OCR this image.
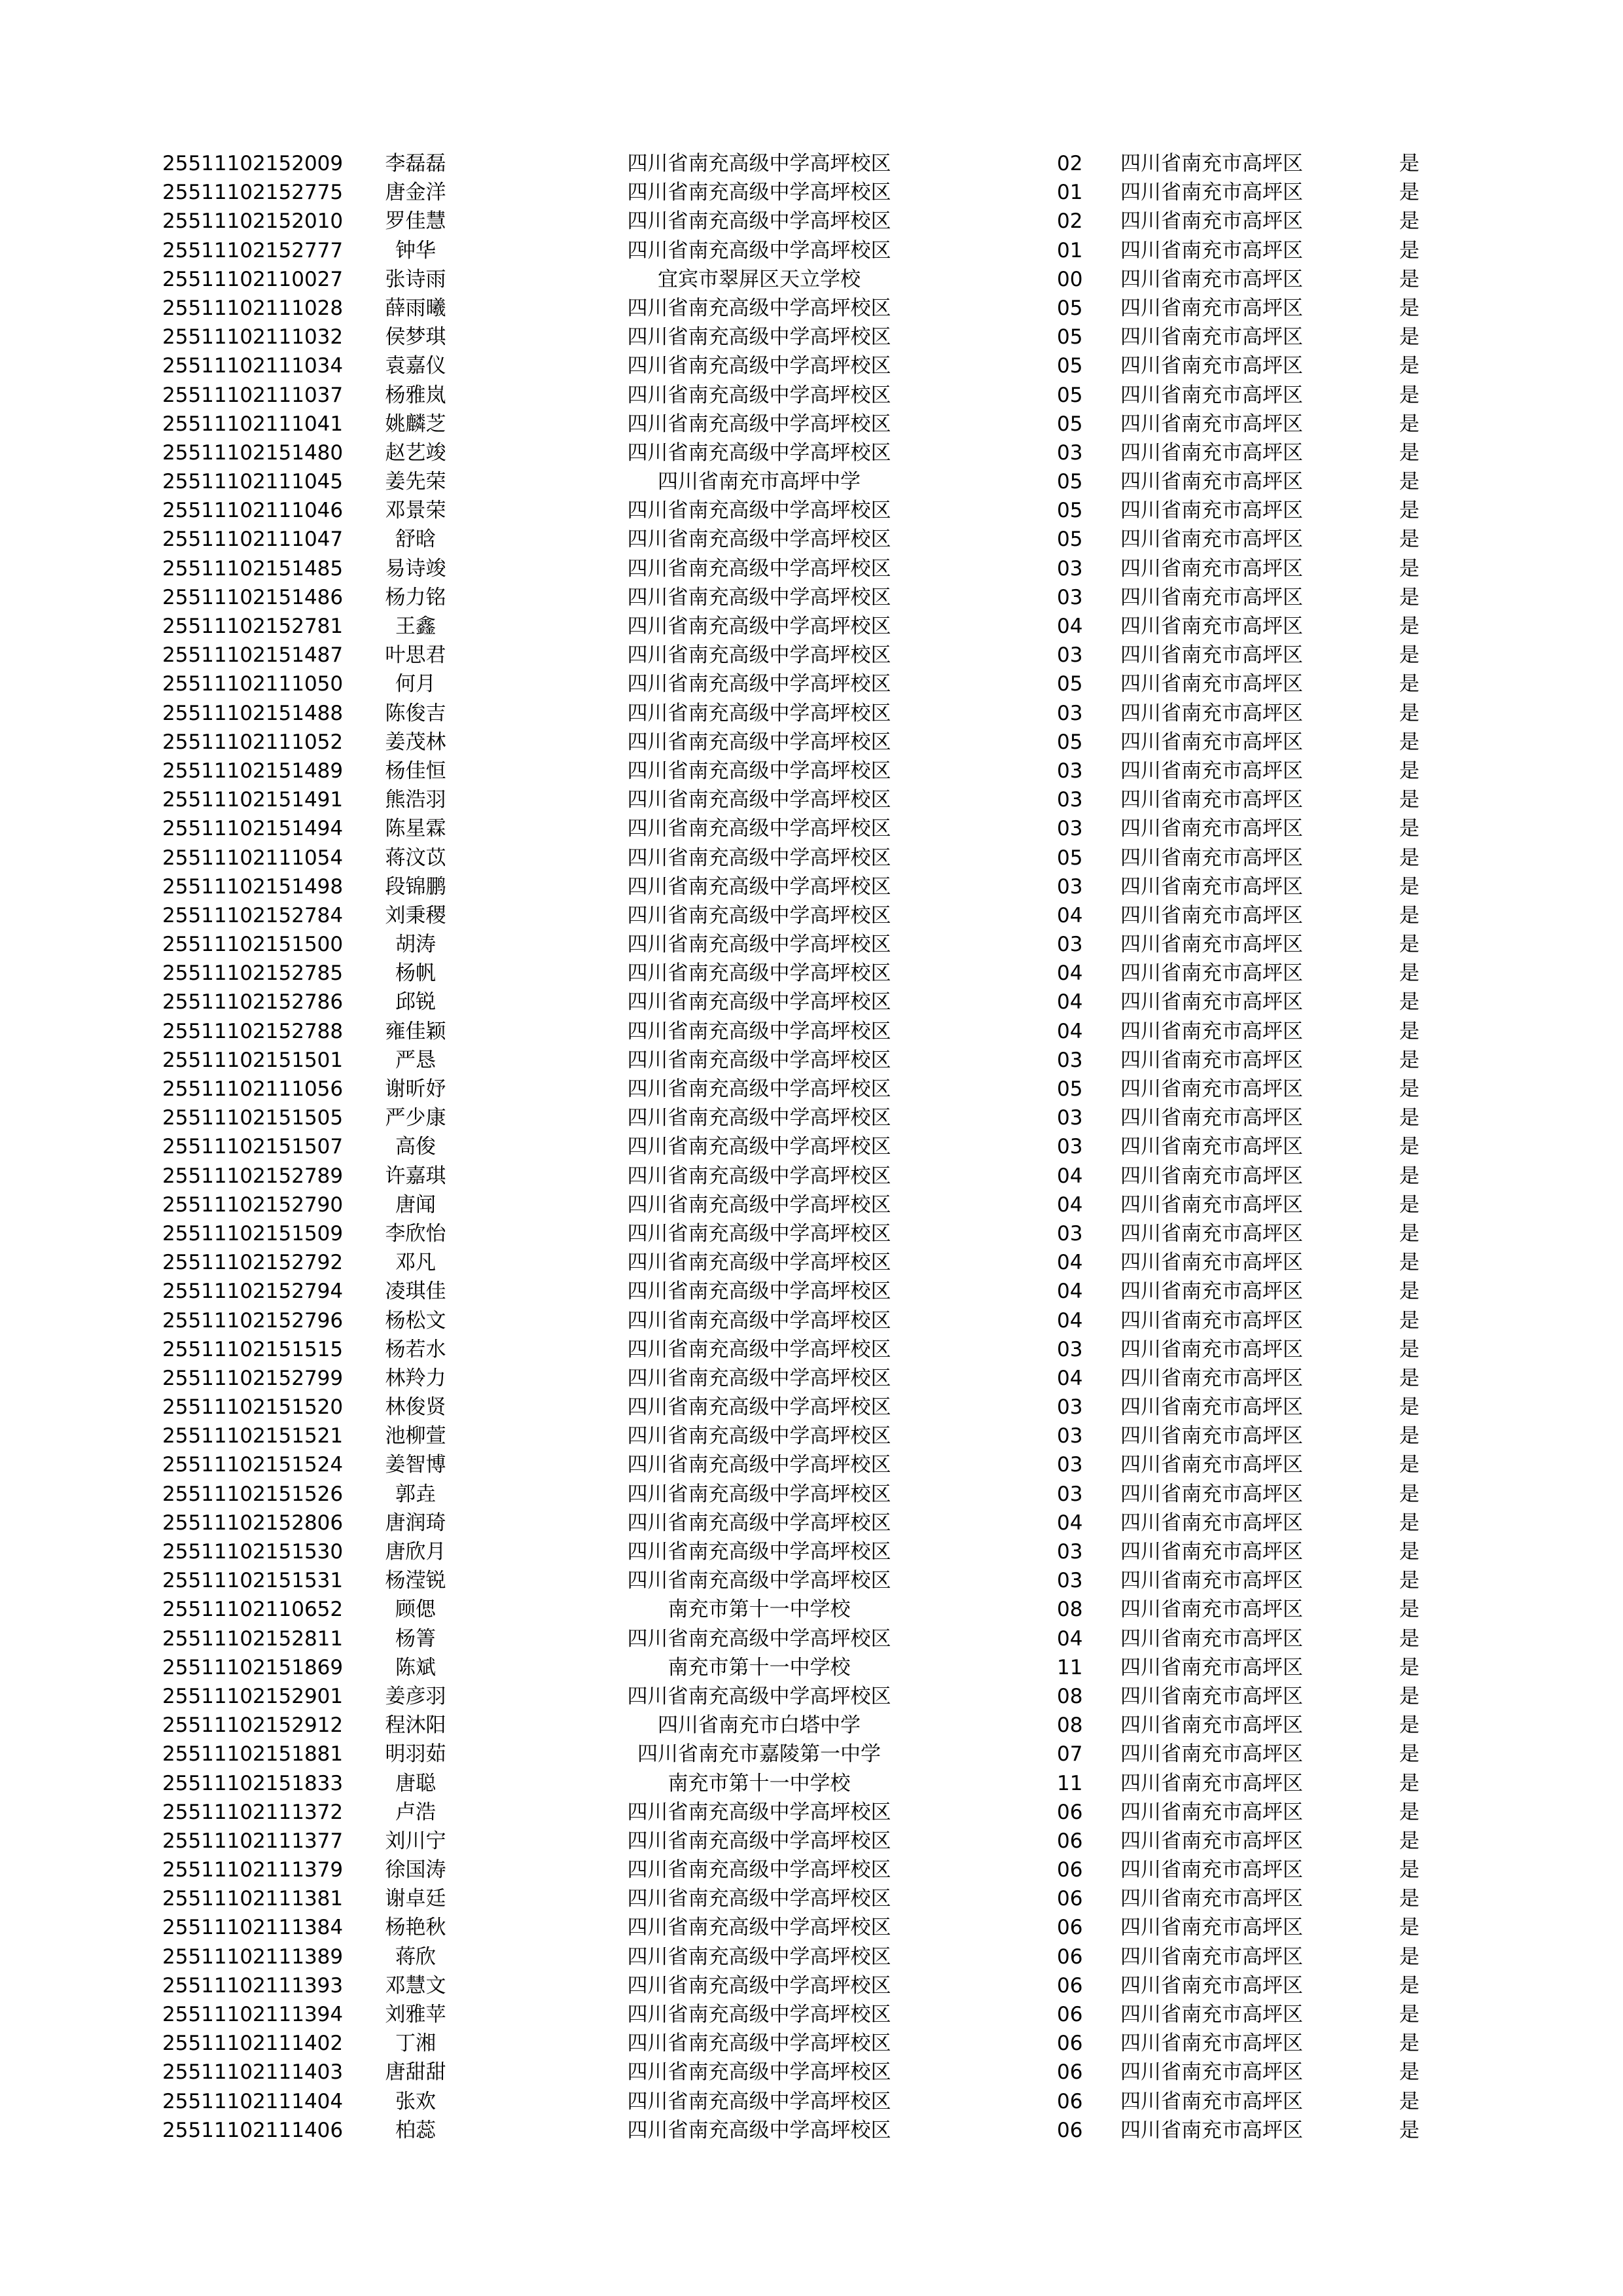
25511102152009	李磊磊	四川省南充高级中学高坪校区	02 四川省南充市高坪区	是
25511102152775	唐金洋	四川省南充高级中学高坪校区	01 四川省南充市高坪区	是
25511102152010	罗佳慧	四川省南充高级中学高坪校区	02 四川省南充市高坪区	是
25511102152777	钟华	四川省南充高级中学高坪校区	01 四川省南充市高坪区	是
25511102110027	张诗雨	宜宾市翠屏区天立学校	00 四川省南充市高坪区	是
25511102111028	薛雨曦	四川省南充高级中学高坪校区	05 四川省南充市高坪区	是
25511102111032	侯梦琪	四川省南充高级中学高坪校区	05 四川省南充市高坪区	是
25511102111034	袁嘉仪	四川省南充高级中学高坪校区	05 四川省南充市高坪区	是
25511102111037	杨雅岚	四川省南充高级中学高坪校区	05 四川省南充市高坪区	是
25511102111041	姚麟芝	四川省南充高级中学高坪校区	05 四川省南充市高坪区	是
25511102151480	赵艺竣	四川省南充高级中学高坪校区	03 四川省南充市高坪区	是
25511102111045	姜先荣	四川省南充市高坪中学	05 四川省南充市高坪区	是
25511102111046	邓景荣	四川省南充高级中学高坪校区	05 四川省南充市高坪区	是
25511102111047	舒晗	四川省南充高级中学高坪校区	05 四川省南充市高坪区	是
25511102151485	易诗竣	四川省南充高级中学高坪校区	03 四川省南充市高坪区	是
25511102151486	杨力铭	四川省南充高级中学高坪校区	03 四川省南充市高坪区	是
25511102152781	王鑫	四川省南充高级中学高坪校区	04 四川省南充市高坪区	是
25511102151487	叶思君	四川省南充高级中学高坪校区	03 四川省南充市高坪区	是
25511102111050	何月	四川省南充高级中学高坪校区	05 四川省南充市高坪区	是
25511102151488	陈俊吉	四川省南充高级中学高坪校区	03 四川省南充市高坪区	是
25511102111052	姜茂林	四川省南充高级中学高坪校区	05 四川省南充市高坪区	是
25511102151489	杨佳恒	四川省南充高级中学高坪校区	03 四川省南充市高坪区	是
25511102151491	熊浩羽	四川省南充高级中学高坪校区	03 四川省南充市高坪区	是
25511102151494	陈星霖	四川省南充高级中学高坪校区	03 四川省南充市高坪区	是
25511102111054	蒋汶苡	四川省南充高级中学高坪校区	05 四川省南充市高坪区	是
25511102151498	段锦鹏	四川省南充高级中学高坪校区	03 四川省南充市高坪区	是
25511102152784	刘秉稷	四川省南充高级中学高坪校区	04 四川省南充市高坪区	是
25511102151500	胡涛	四川省南充高级中学高坪校区	03 四川省南充市高坪区	是
25511102152785	杨帆	四川省南充高级中学高坪校区	04 四川省南充市高坪区	是
25511102152786	邱锐	四川省南充高级中学高坪校区	04 四川省南充市高坪区	是
25511102152788	雍佳颖	四川省南充高级中学高坪校区	04 四川省南充市高坪区	是
25511102151501	严恳	四川省南充高级中学高坪校区	03 四川省南充市高坪区	是
25511102111056	谢昕妤	四川省南充高级中学高坪校区	05 四川省南充市高坪区	是
25511102151505	严少康	四川省南充高级中学高坪校区	03 四川省南充市高坪区	是
25511102151507	高俊	四川省南充高级中学高坪校区	03 四川省南充市高坪区	是
25511102152789	许嘉琪	四川省南充高级中学高坪校区	04 四川省南充市高坪区	是
25511102152790	唐闻	四川省南充高级中学高坪校区	04 四川省南充市高坪区	是
25511102151509	李欣怡	四川省南充高级中学高坪校区	03 四川省南充市高坪区	是
25511102152792	邓凡	四川省南充高级中学高坪校区	04 四川省南充市高坪区	是
25511102152794	凌琪佳	四川省南充高级中学高坪校区	04 四川省南充市高坪区	是
25511102152796	杨松文	四川省南充高级中学高坪校区	04 四川省南充市高坪区	是
25511102151515	杨若水	四川省南充高级中学高坪校区	03 四川省南充市高坪区	是
25511102152799	林羚力	四川省南充高级中学高坪校区	04 四川省南充市高坪区	是
25511102151520	林俊贤	四川省南充高级中学高坪校区	03 四川省南充市高坪区	是
25511102151521	池柳萱	四川省南充高级中学高坪校区	03 四川省南充市高坪区	是
25511102151524	姜智博	四川省南充高级中学高坪校区	03 四川省南充市高坪区	是
25511102151526	郭垚	四川省南充高级中学高坪校区	03 四川省南充市高坪区	是
25511102152806	唐润琦	四川省南充高级中学高坪校区	04 四川省南充市高坪区	是
25511102151530	唐欣月	四川省南充高级中学高坪校区	03 四川省南充市高坪区	是
25511102151531	杨滢锐	四川省南充高级中学高坪校区	03 四川省南充市高坪区	是
25511102110652	顾偲	南充市第十一中学校	08 四川省南充市高坪区	是
25511102152811	杨箐	四川省南充高级中学高坪校区	04 四川省南充市高坪区	是
25511102151869	陈斌	南充市第十一中学校	11 四川省南充市高坪区	是
25511102152901	姜彦羽	四川省南充高级中学高坪校区	08 四川省南充市高坪区	是
25511102152912	程沐阳	四川省南充市白塔中学	08 四川省南充市高坪区	是
25511102151881	明羽茹	四川省南充市嘉陵第一中学	07 四川省南充市高坪区	是
25511102151833	唐聪	南充市第十一中学校	11 四川省南充市高坪区	是
25511102111372	卢浩	四川省南充高级中学高坪校区	06 四川省南充市高坪区	是
25511102111377	刘川宁	四川省南充高级中学高坪校区	06 四川省南充市高坪区	是
25511102111379	徐国涛	四川省南充高级中学高坪校区	06 四川省南充市高坪区	是
25511102111381	谢卓廷	四川省南充高级中学高坪校区	06 四川省南充市高坪区	是
25511102111384	杨艳秋	四川省南充高级中学高坪校区	06 四川省南充市高坪区	是
25511102111389	蒋欣	四川省南充高级中学高坪校区	06 四川省南充市高坪区	是
25511102111393	邓慧文	四川省南充高级中学高坪校区	06 四川省南充市高坪区	是
25511102111394	刘雅苹	四川省南充高级中学高坪校区	06 四川省南充市高坪区	是
25511102111402	丁湘	四川省南充高级中学高坪校区	06 四川省南充市高坪区	是
25511102111403	唐甜甜	四川省南充高级中学高坪校区	06 四川省南充市高坪区	是
25511102111404	张欢	四川省南充高级中学高坪校区	06 四川省南充市高坪区	是
25511102111406	柏蕊	四川省南充高级中学高坪校区	06 四川省南充市高坪区	是
